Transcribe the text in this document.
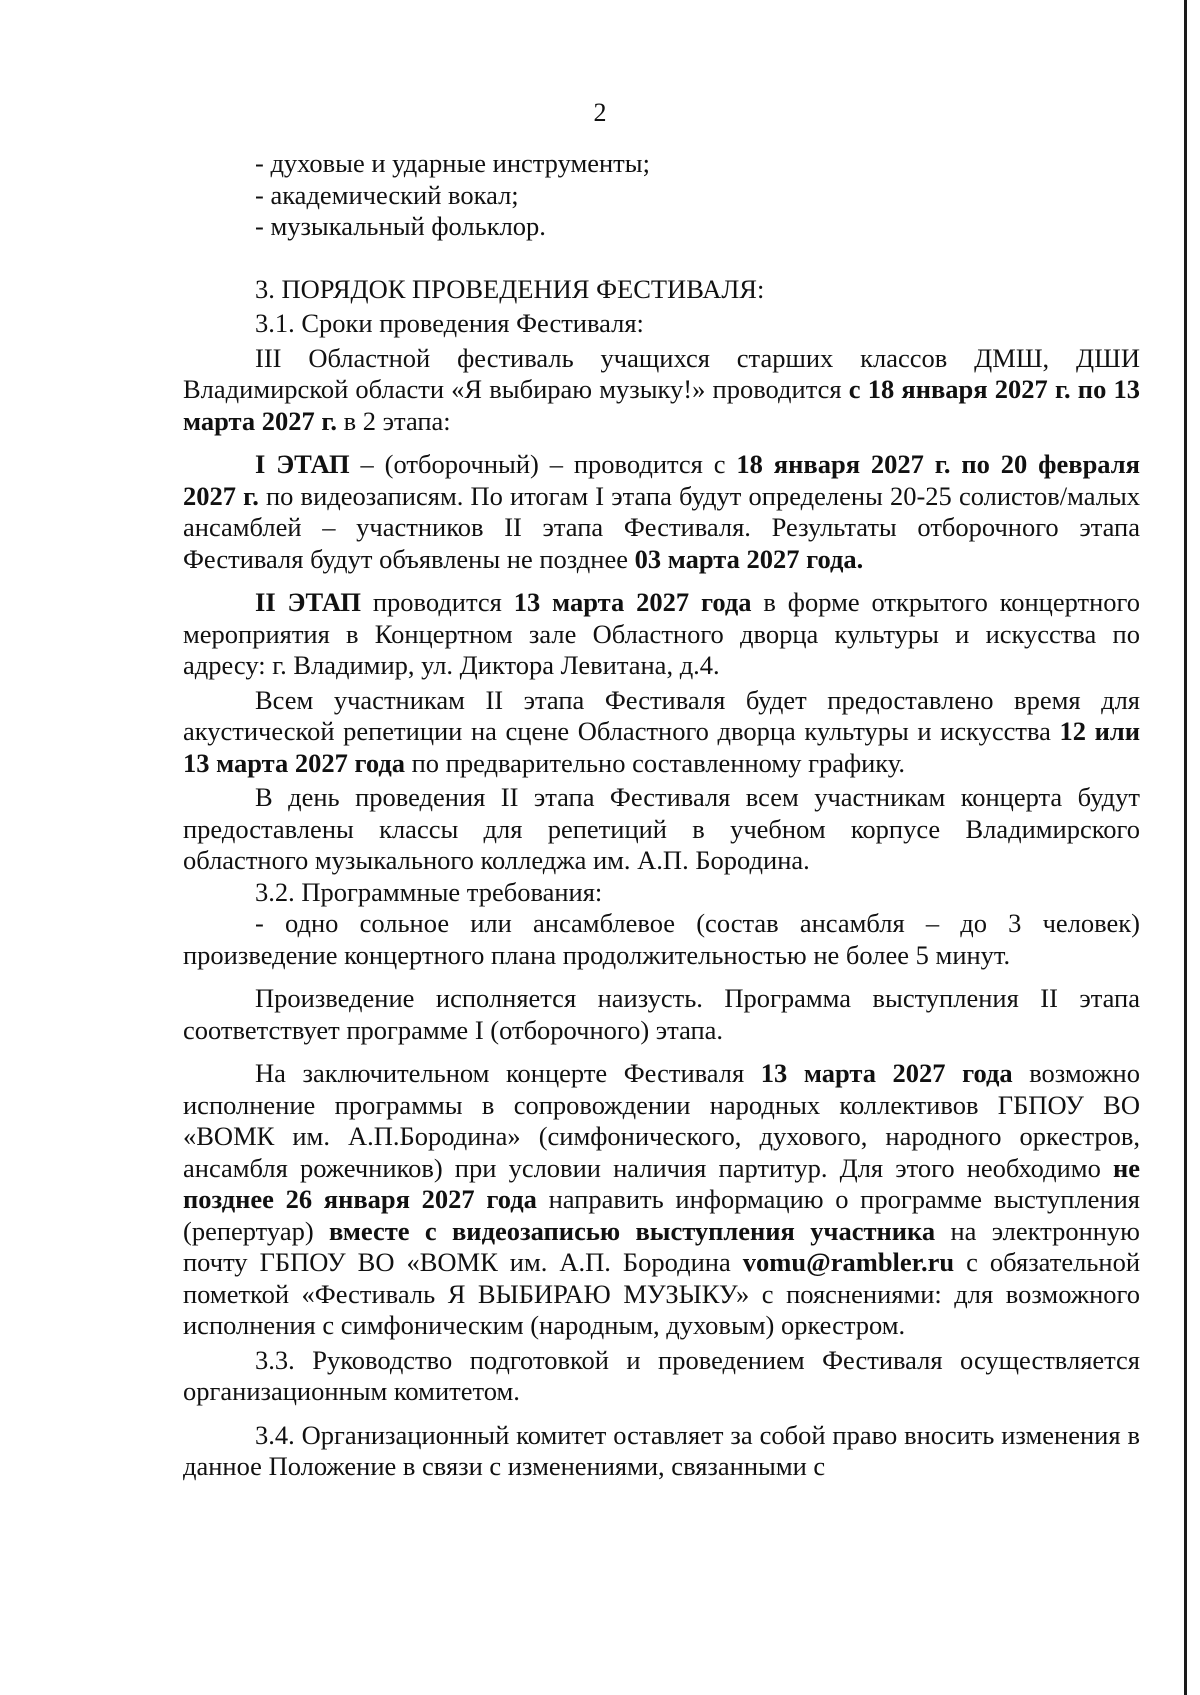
2

- духовые и ударные инструменты;

- академический вокал;

- музыкальный фольклор.

3. ПОРЯДОК ПРОВЕДЕНИЯ ФЕСТИВАЛЯ:

3.1. Сроки проведения Фестиваля:

III Областной фестиваль учащихся старших классов ДМШ, ДШИ Владимирской области «Я выбираю музыку!» проводится с 18 января 2027 г. по 13 марта 2027 г. в 2 этапа:

I ЭТАП – (отборочный) – проводится с 18 января 2027 г. по 20 февраля 2027 г. по видеозаписям. По итогам I этапа будут определены 20-25 солистов/малых ансамблей – участников II этапа Фестиваля. Результаты отборочного этапа Фестиваля будут объявлены не позднее 03 марта 2027 года.

II ЭТАП проводится 13 марта 2027 года в форме открытого концертного мероприятия в Концертном зале Областного дворца культуры и искусства по адресу: г. Владимир, ул. Диктора Левитана, д.4.

Всем участникам II этапа Фестиваля будет предоставлено время для акустической репетиции на сцене Областного дворца культуры и искусства 12 или 13 марта 2027 года по предварительно составленному графику.

В день проведения II этапа Фестиваля всем участникам концерта будут предоставлены классы для репетиций в учебном корпусе Владимирского областного музыкального колледжа им. А.П. Бородина.

3.2. Программные требования:

- одно сольное или ансамблевое (состав ансамбля – до 3 человек) произведение концертного плана продолжительностью не более 5 минут.

Произведение исполняется наизусть. Программа выступления II этапа соответствует программе I (отборочного) этапа.

На заключительном концерте Фестиваля 13 марта 2027 года возможно исполнение программы в сопровождении народных коллективов ГБПОУ ВО «ВОМК им. А.П.Бородина» (симфонического, духового, народного оркестров, ансамбля рожечников) при условии наличия партитур. Для этого необходимо не позднее 26 января 2027 года направить информацию о программе выступления (репертуар) вместе с видеозаписью выступления участника на электронную почту ГБПОУ ВО «ВОМК им. А.П. Бородина vomu@rambler.ru с обязательной пометкой «Фестиваль Я ВЫБИРАЮ МУЗЫКУ» с пояснениями: для возможного исполнения с симфоническим (народным, духовым) оркестром.

3.3. Руководство подготовкой и проведением Фестиваля осуществляется организационным комитетом.

3.4. Организационный комитет оставляет за собой право вносить изменения в данное Положение в связи с изменениями, связанными с
